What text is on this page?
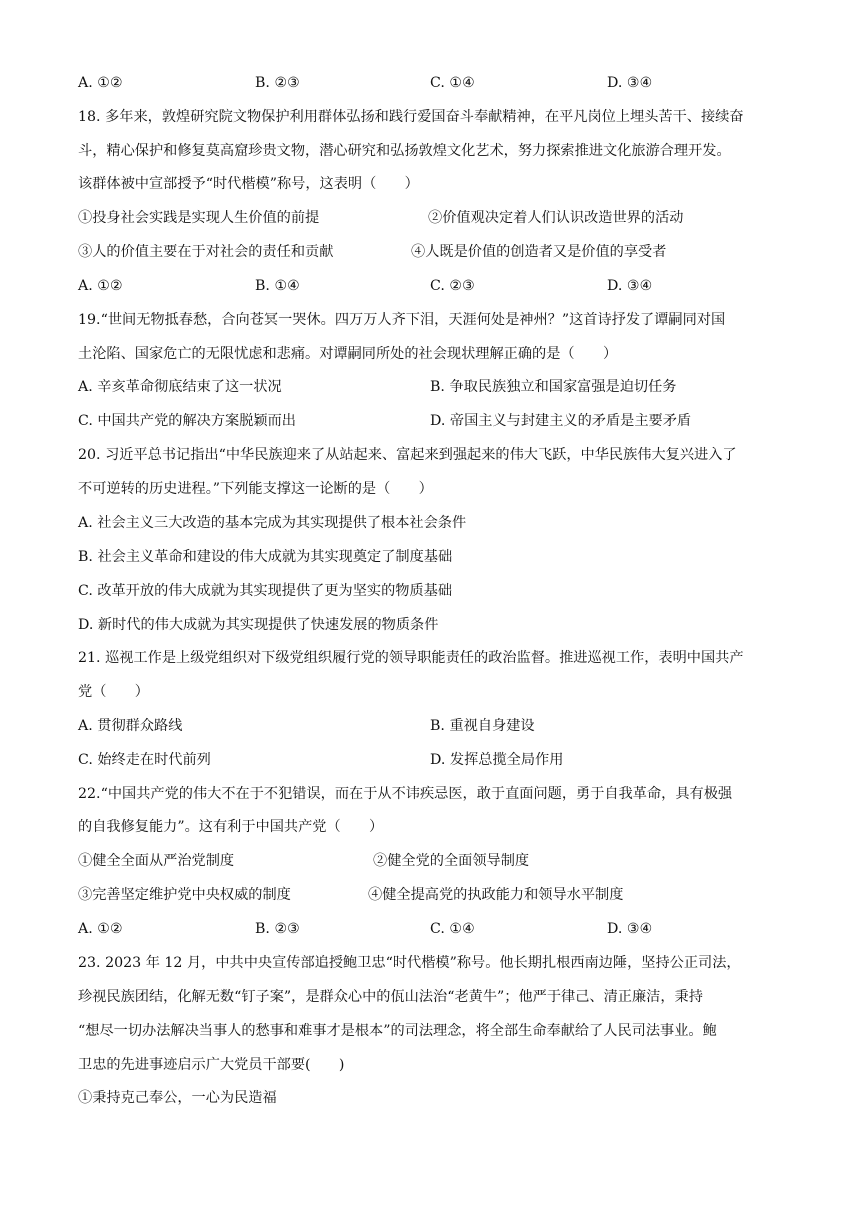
A. ①②	B. ②③	C. ①④	D. ③④
18. 多年来，敦煌研究院文物保护利用群体弘扬和践行爱国奋斗奉献精神，在平凡岗位上埋头苦干、接续奋
斗，精心保护和修复莫高窟珍贵文物，潜心研究和弘扬敦煌文化艺术，努力探索推进文化旅游合理开发。
该群体被中宣部授予“时代楷模”称号，这表明（　　）
①投身社会实践是实现人生价值的前提	②价值观决定着人们认识改造世界的活动
③人的价值主要在于对社会的责任和贡献	④人既是价值的创造者又是价值的享受者
A. ①②	B. ①④	C. ②③	D. ③④
19.“世间无物抵春愁，合向苍冥一哭休。四万万人齐下泪，天涯何处是神州？”这首诗抒发了谭嗣同对国
土沦陷、国家危亡的无限忧虑和悲痛。对谭嗣同所处的社会现状理解正确的是（　　）
A. 辛亥革命彻底结束了这一状况	B. 争取民族独立和国家富强是迫切任务
C. 中国共产党的解决方案脱颖而出	D. 帝国主义与封建主义的矛盾是主要矛盾
20. 习近平总书记指出“中华民族迎来了从站起来、富起来到强起来的伟大飞跃，中华民族伟大复兴进入了
不可逆转的历史进程。”下列能支撑这一论断的是（　　）
A. 社会主义三大改造的基本完成为其实现提供了根本社会条件
B. 社会主义革命和建设的伟大成就为其实现奠定了制度基础
C. 改革开放的伟大成就为其实现提供了更为坚实的物质基础
D. 新时代的伟大成就为其实现提供了快速发展的物质条件
21. 巡视工作是上级党组织对下级党组织履行党的领导职能责任的政治监督。推进巡视工作，表明中国共产
党（　　）
A. 贯彻群众路线	B. 重视自身建设
C. 始终走在时代前列	D. 发挥总揽全局作用
22.“中国共产党的伟大不在于不犯错误，而在于从不讳疾忌医，敢于直面问题，勇于自我革命，具有极强
的自我修复能力”。这有利于中国共产党（　　）
①健全全面从严治党制度	②健全党的全面领导制度
③完善坚定维护党中央权威的制度	④健全提高党的执政能力和领导水平制度
A. ①②	B. ②③	C. ①④	D. ③④
23. 2023 年 12 月，中共中央宣传部追授鲍卫忠“时代楷模”称号。他长期扎根西南边陲，坚持公正司法，
珍视民族团结，化解无数“钉子案”，是群众心中的佤山法治“老黄牛”；他严于律己、清正廉洁，秉持
“想尽一切办法解决当事人的愁事和难事才是根本”的司法理念，将全部生命奉献给了人民司法事业。鲍
卫忠的先进事迹启示广大党员干部要(　　)
①秉持克己奉公，一心为民造福
